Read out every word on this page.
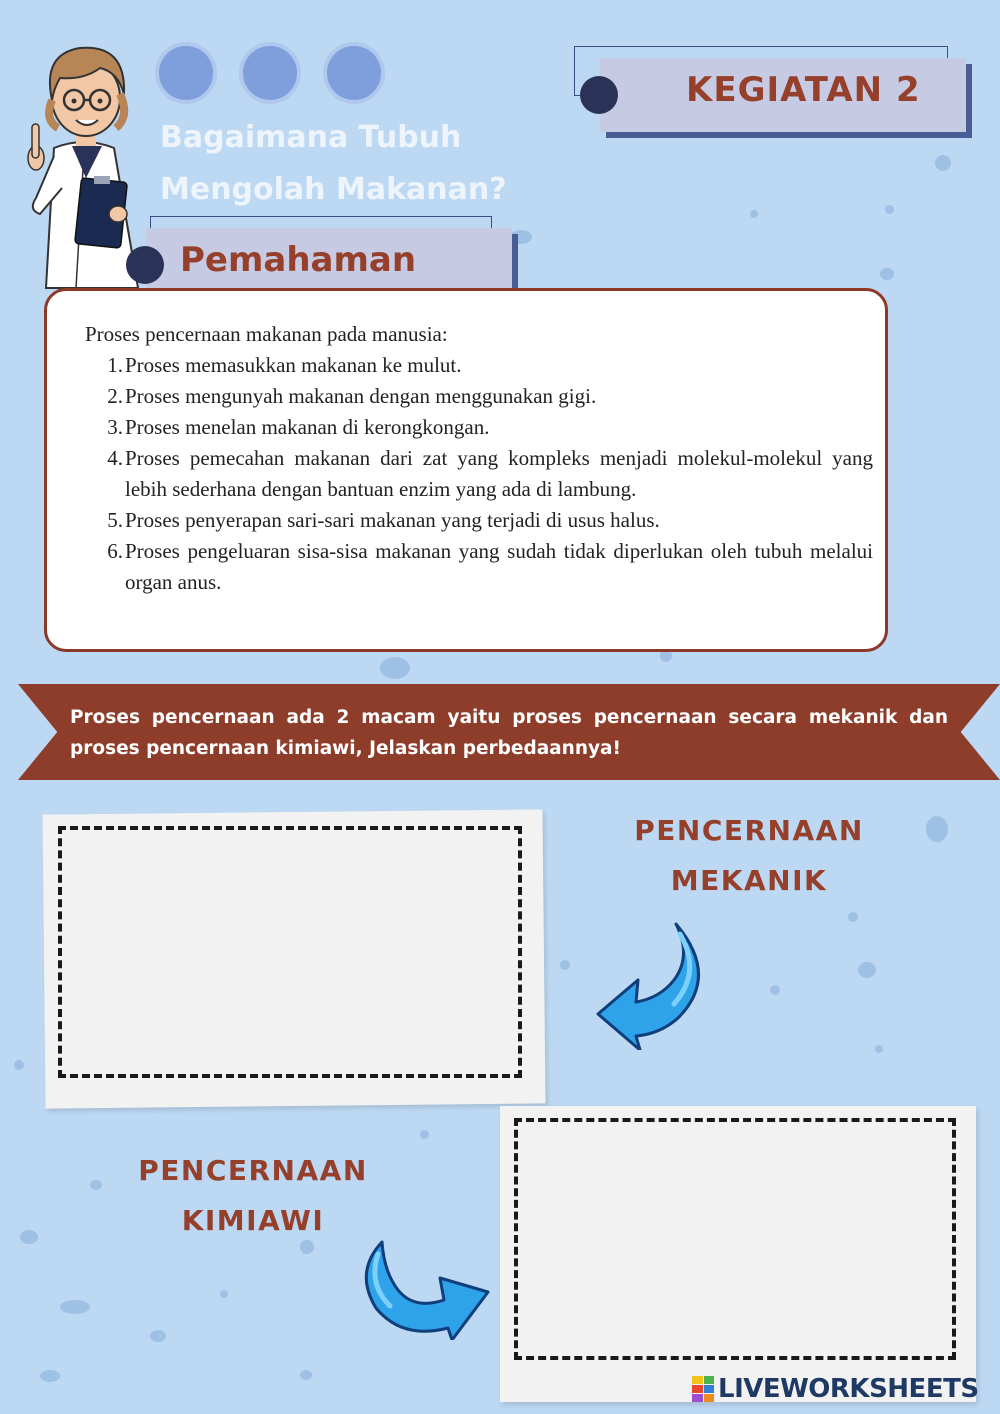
Bagaimana Tubuh
Mengolah Makanan?
KEGIATAN 2
Pemahaman
Proses pencernaan makanan pada manusia:
1. Proses memasukkan makanan ke mulut.
2. Proses mengunyah makanan dengan menggunakan gigi.
3. Proses menelan makanan di kerongkongan.
4. Proses pemecahan makanan dari zat yang kompleks menjadi molekul-molekul yang lebih sederhana dengan bantuan enzim yang ada di lambung.
5. Proses penyerapan sari-sari makanan yang terjadi di usus halus.
6. Proses pengeluaran sisa-sisa makanan yang sudah tidak diperlukan oleh tubuh melalui organ anus.
Proses pencernaan ada 2 macam yaitu proses pencernaan secara mekanik dan proses pencernaan kimiawi, Jelaskan perbedaannya!
PENCERNAAN
MEKANIK
PENCERNAAN
KIMIAWI
LIVEWORKSHEETS
